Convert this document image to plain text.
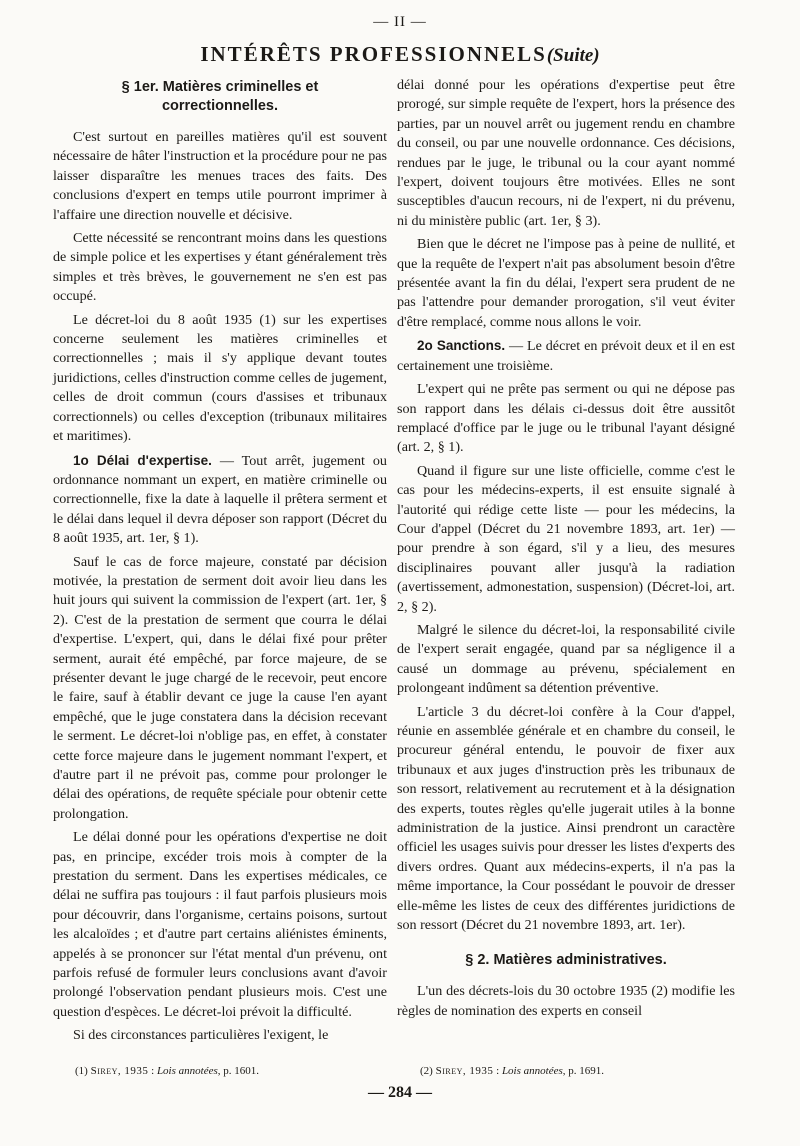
— II —
INTÉRÊTS PROFESSIONNELS(Suite)
§ 1er. Matières criminelles et correctionnelles.

C'est surtout en pareilles matières qu'il est souvent nécessaire de hâter l'instruction et la procédure pour ne pas laisser disparaître les menues traces des faits. Des conclusions d'expert en temps utile pourront imprimer à l'affaire une direction nouvelle et décisive.

Cette nécessité se rencontrant moins dans les questions de simple police et les expertises y étant généralement très simples et très brèves, le gouvernement ne s'en est pas occupé.

Le décret-loi du 8 août 1935 (1) sur les expertises concerne seulement les matières criminelles et correctionnelles ; mais il s'y applique devant toutes juridictions, celles d'instruction comme celles de jugement, celles de droit commun (cours d'assises et tribunaux correctionnels) ou celles d'exception (tribunaux militaires et maritimes).

1o Délai d'expertise. — Tout arrêt, jugement ou ordonnance nommant un expert, en matière criminelle ou correctionnelle, fixe la date à laquelle il prêtera serment et le délai dans lequel il devra déposer son rapport (Décret du 8 août 1935, art. 1er, § 1).

Sauf le cas de force majeure, constaté par décision motivée, la prestation de serment doit avoir lieu dans les huit jours qui suivent la commission de l'expert (art. 1er, § 2). C'est de la prestation de serment que courra le délai d'expertise. L'expert, qui, dans le délai fixé pour prêter serment, aurait été empêché, par force majeure, de se présenter devant le juge chargé de le recevoir, peut encore le faire, sauf à établir devant ce juge la cause l'en ayant empêché, que le juge constatera dans la décision recevant le serment. Le décret-loi n'oblige pas, en effet, à constater cette force majeure dans le jugement nommant l'expert, et d'autre part il ne prévoit pas, comme pour prolonger le délai des opérations, de requête spéciale pour obtenir cette prolongation.

Le délai donné pour les opérations d'expertise ne doit pas, en principe, excéder trois mois à compter de la prestation du serment. Dans les expertises médicales, ce délai ne suffira pas toujours : il faut parfois plusieurs mois pour découvrir, dans l'organisme, certains poisons, surtout les alcaloïdes ; et d'autre part certains aliénistes éminents, appelés à se prononcer sur l'état mental d'un prévenu, ont parfois refusé de formuler leurs conclusions avant d'avoir prolongé l'observation pendant plusieurs mois. C'est une question d'espèces. Le décret-loi prévoit la difficulté.

Si des circonstances particulières l'exigent, le

délai donné pour les opérations d'expertise peut être prorogé, sur simple requête de l'expert, hors la présence des parties, par un nouvel arrêt ou jugement rendu en chambre du conseil, ou par une nouvelle ordonnance. Ces décisions, rendues par le juge, le tribunal ou la cour ayant nommé l'expert, doivent toujours être motivées. Elles ne sont susceptibles d'aucun recours, ni de l'expert, ni du prévenu, ni du ministère public (art. 1er, § 3).

Bien que le décret ne l'impose pas à peine de nullité, et que la requête de l'expert n'ait pas absolument besoin d'être présentée avant la fin du délai, l'expert sera prudent de ne pas l'attendre pour demander prorogation, s'il veut éviter d'être remplacé, comme nous allons le voir.

2o Sanctions. — Le décret en prévoit deux et il en est certainement une troisième.

L'expert qui ne prête pas serment ou qui ne dépose pas son rapport dans les délais ci-dessus doit être aussitôt remplacé d'office par le juge ou le tribunal l'ayant désigné (art. 2, § 1).

Quand il figure sur une liste officielle, comme c'est le cas pour les médecins-experts, il est ensuite signalé à l'autorité qui rédige cette liste — pour les médecins, la Cour d'appel (Décret du 21 novembre 1893, art. 1er) — pour prendre à son égard, s'il y a lieu, des mesures disciplinaires pouvant aller jusqu'à la radiation (avertissement, admonestation, suspension) (Décret-loi, art. 2, § 2).

Malgré le silence du décret-loi, la responsabilité civile de l'expert serait engagée, quand par sa négligence il a causé un dommage au prévenu, spécialement en prolongeant indûment sa détention préventive.

L'article 3 du décret-loi confère à la Cour d'appel, réunie en assemblée générale et en chambre du conseil, le procureur général entendu, le pouvoir de fixer aux tribunaux et aux juges d'instruction près les tribunaux de son ressort, relativement au recrutement et à la désignation des experts, toutes règles qu'elle jugerait utiles à la bonne administration de la justice. Ainsi prendront un caractère officiel les usages suivis pour dresser les listes d'experts des divers ordres. Quant aux médecins-experts, il n'a pas la même importance, la Cour possédant le pouvoir de dresser elle-même les listes de ceux des différentes juridictions de son ressort (Décret du 21 novembre 1893, art. 1er).

§ 2. Matières administratives.

L'un des décrets-lois du 30 octobre 1935 (2) modifie les règles de nomination des experts en conseil

(1) Sirey, 1935 : Lois annotées, p. 1601.	(2) Sirey, 1935 : Lois annotées, p. 1691.
— 284 —
